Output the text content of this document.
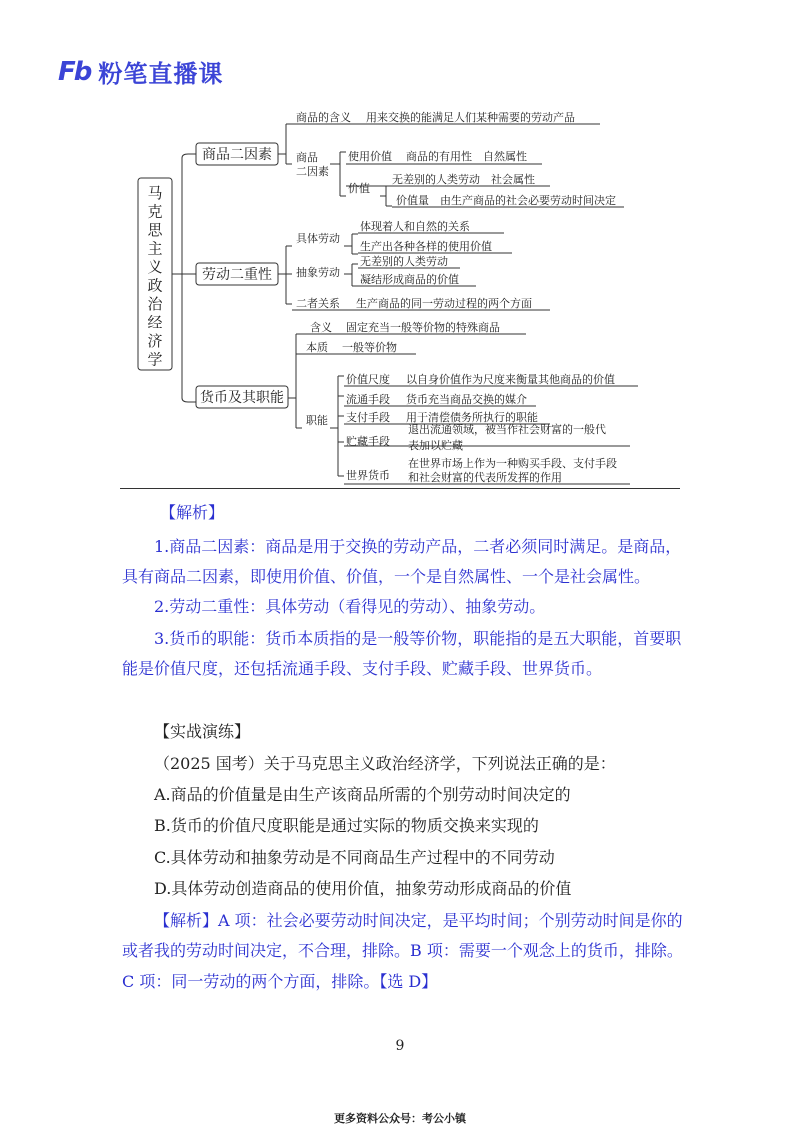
Fb 粉笔直播课
马
克
思
主
义
政
治
经
济
学
商品二因素
劳动二重性
货币及其职能
商品的含义 用来交换的能满足人们某种需要的劳动产品
商品
二因素
使用价值 商品的有用性　自然属性
价值
无差别的人类劳动　社会属性
价值量 由生产商品的社会必要劳动时间决定
具体劳动
体现着人和自然的关系
生产出各种各样的使用价值
抽象劳动
无差别的人类劳动
凝结形成商品的价值
二者关系 生产商品的同一劳动过程的两个方面
含义 固定充当一般等价物的特殊商品
本质 一般等价物
职能
价值尺度 以自身价值作为尺度来衡量其他商品的价值
流通手段 货币充当商品交换的媒介
支付手段 用于清偿债务所执行的职能
贮藏手段
退出流通领域，被当作社会财富的一般代
表加以贮藏
世界货币
在世界市场上作为一种购买手段、支付手段
和社会财富的代表所发挥的作用
【解析】
1.商品二因素：商品是用于交换的劳动产品，二者必须同时满足。是商品，
具有商品二因素，即使用价值、价值，一个是自然属性、一个是社会属性。
2.劳动二重性：具体劳动（看得见的劳动）、抽象劳动。
3.货币的职能：货币本质指的是一般等价物，职能指的是五大职能，首要职
能是价值尺度，还包括流通手段、支付手段、贮藏手段、世界货币。
【实战演练】
（2025 国考）关于马克思主义政治经济学，下列说法正确的是：
A.商品的价值量是由生产该商品所需的个别劳动时间决定的
B.货币的价值尺度职能是通过实际的物质交换来实现的
C.具体劳动和抽象劳动是不同商品生产过程中的不同劳动
D.具体劳动创造商品的使用价值，抽象劳动形成商品的价值
【解析】A 项：社会必要劳动时间决定，是平均时间；个别劳动时间是你的
或者我的劳动时间决定，不合理，排除。B 项：需要一个观念上的货币，排除。
C 项：同一劳动的两个方面，排除。【选 D】
9
更多资料公众号：考公小镇
